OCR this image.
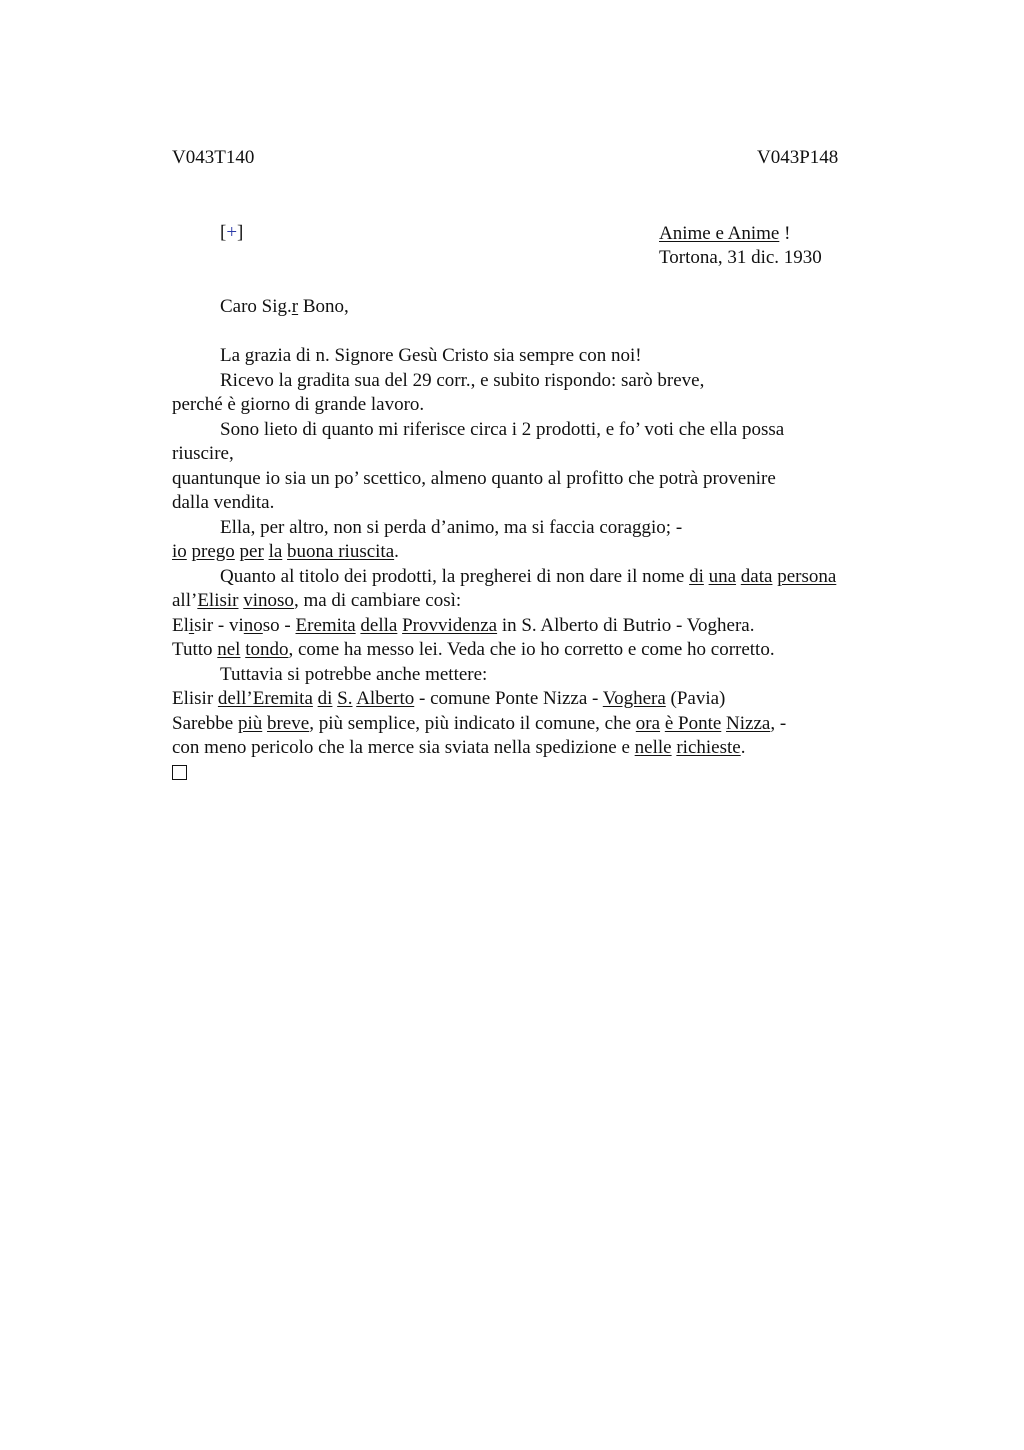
V043T140	V043P148
[+]	Anime e Anime !
Tortona, 31 dic. 1930
Caro Sig.r Bono,
La grazia di n. Signore Gesù Cristo sia sempre con noi!
Ricevo la gradita sua del 29 corr., e subito rispondo: sarò breve,
perché è giorno di grande lavoro.
Sono lieto di quanto mi riferisce circa i 2 prodotti, e fo’ voti che ella possa
riuscire,
quantunque io sia un po’ scettico, almeno quanto al profitto che potrà provenire
dalla vendita.
Ella, per altro, non si perda d’animo, ma si faccia coraggio; -
io prego per la buona riuscita.
Quanto al titolo dei prodotti, la pregherei di non dare il nome di una data persona
all’Elisir vinoso, ma di cambiare così:
Elisir - vinoso - Eremita della Provvidenza in S. Alberto di Butrio - Voghera.
Tutto nel tondo, come ha messo lei. Veda che io ho corretto e come ho corretto.
Tuttavia si potrebbe anche mettere:
Elisir dell’Eremita di S. Alberto - comune Ponte Nizza - Voghera (Pavia)
Sarebbe più breve, più semplice, più indicato il comune, che ora è Ponte Nizza, -
con meno pericolo che la merce sia sviata nella spedizione e nelle richieste.
